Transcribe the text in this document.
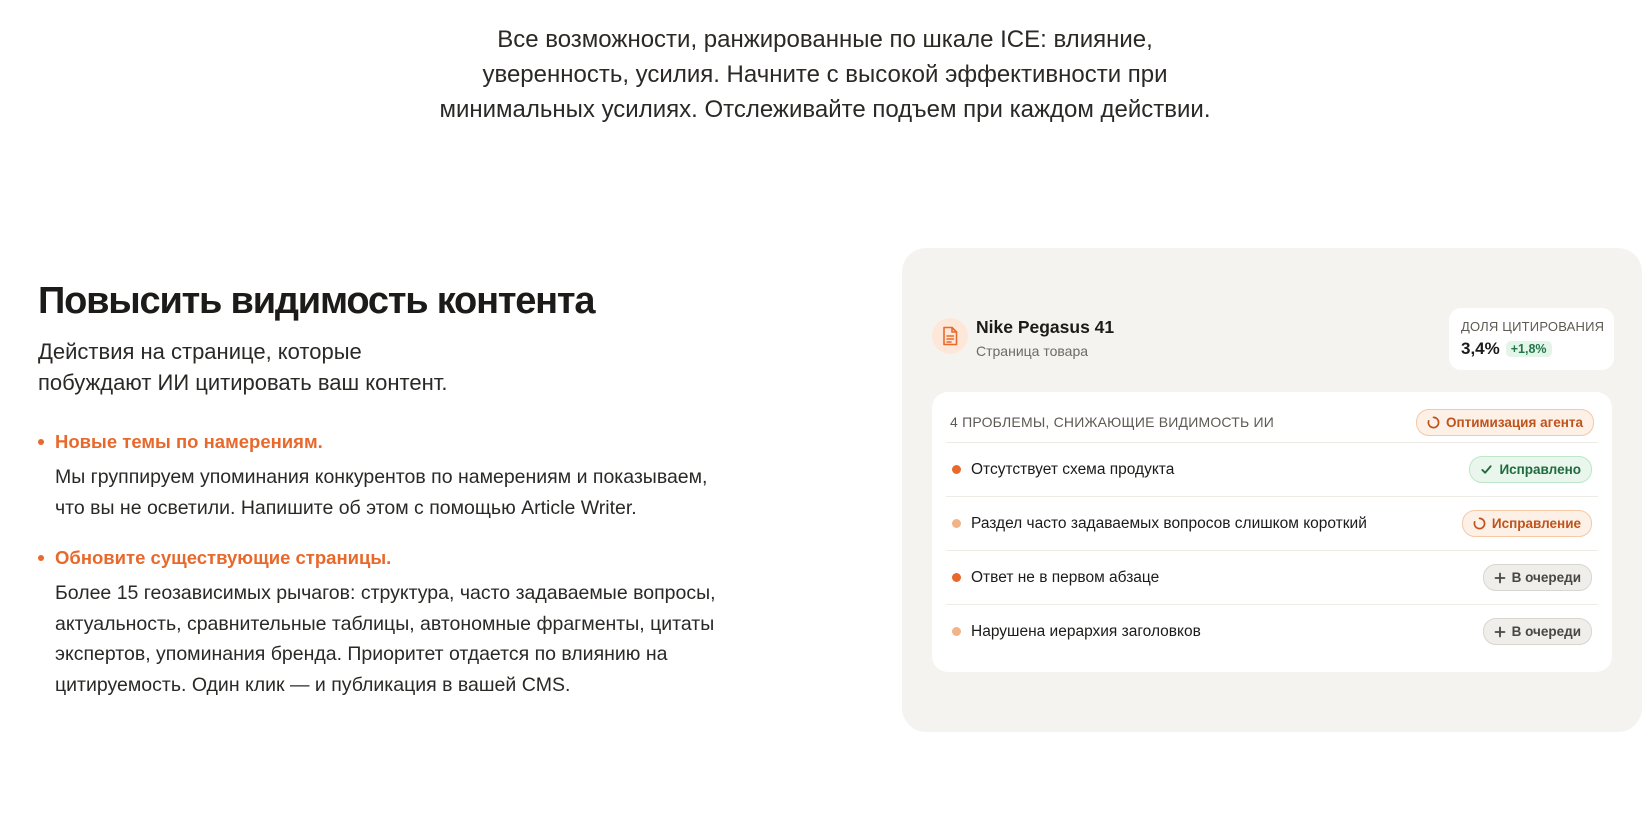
Все возможности, ранжированные по шкале ICE: влияние,
уверенность, усилия. Начните с высокой эффективности при
минимальных усилиях. Отслеживайте подъем при каждом действии.
Повысить видимость контента
Действия на странице, которые
побуждают ИИ цитировать ваш контент.
Новые темы по намерениям.
Мы группируем упоминания конкурентов по намерениям и показываем,
что вы не осветили. Напишите об этом с помощью Article Writer.
Обновите существующие страницы.
Более 15 геозависимых рычагов: структура, часто задаваемые вопросы,
актуальность, сравнительные таблицы, автономные фрагменты, цитаты
экспертов, упоминания бренда. Приоритет отдается по влиянию на
цитируемость. Один клик — и публикация в вашей CMS.
Nike Pegasus 41
Страница товара
ДОЛЯ ЦИТИРОВАНИЯ
3,4% +1,8%
4 ПРОБЛЕМЫ, СНИЖАЮЩИЕ ВИДИМОСТЬ ИИ	Оптимизация агента
Отсутствует схема продукта	Исправлено
Раздел часто задаваемых вопросов слишком короткий	Исправление
Ответ не в первом абзаце	В очереди
Нарушена иерархия заголовков	В очереди
